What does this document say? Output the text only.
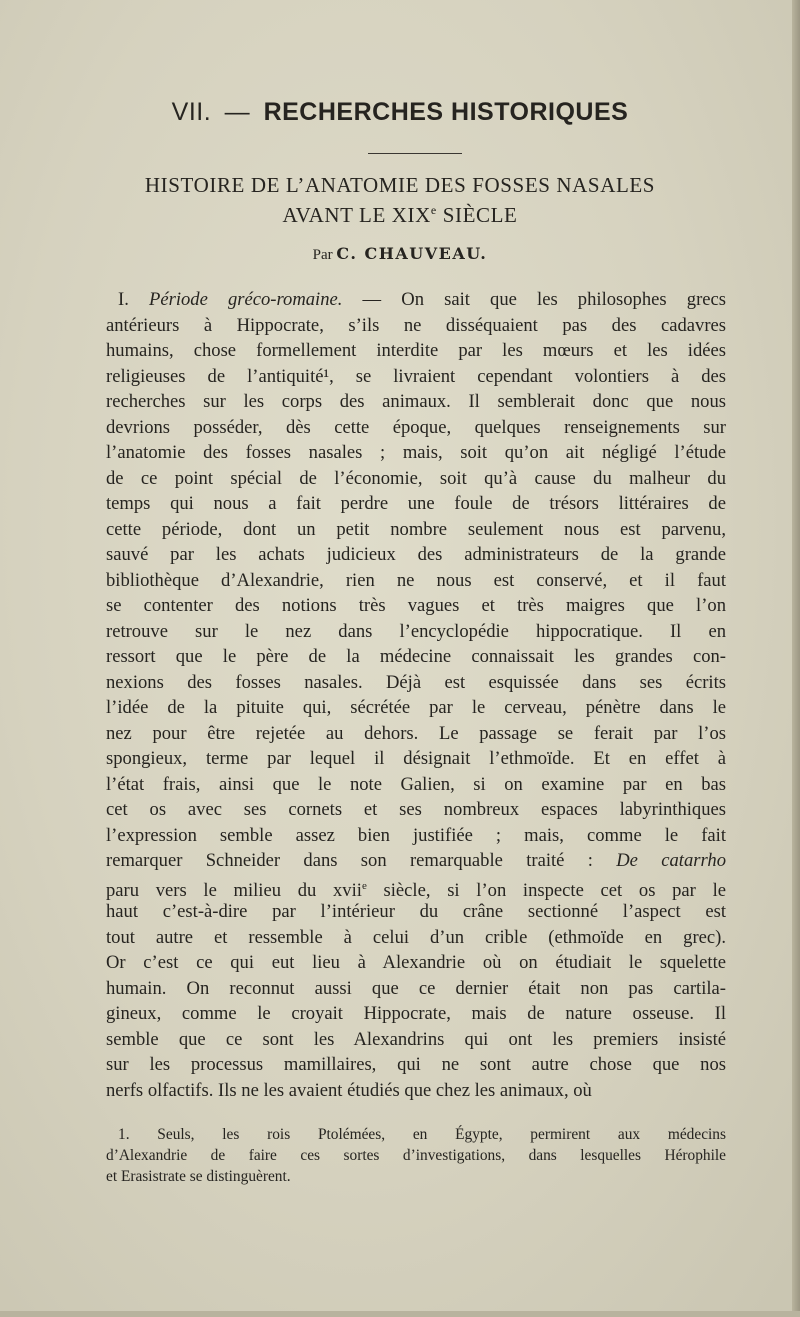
VII. — RECHERCHES HISTORIQUES
HISTOIRE DE L’ANATOMIE DES FOSSES NASALES
AVANT LE XIXe SIÈCLE
Par C. CHAUVEAU.
I. Période gréco-romaine. — On sait que les philosophes grecs
antérieurs à Hippocrate, s’ils ne disséquaient pas des cadavres
humains, chose formellement interdite par les mœurs et les idées
religieuses de l’antiquité¹, se livraient cependant volontiers à des
recherches sur les corps des animaux. Il semblerait donc que nous
devrions posséder, dès cette époque, quelques renseignements sur
l’anatomie des fosses nasales ; mais, soit qu’on ait négligé l’étude
de ce point spécial de l’économie, soit qu’à cause du malheur du
temps qui nous a fait perdre une foule de trésors littéraires de
cette période, dont un petit nombre seulement nous est parvenu,
sauvé par les achats judicieux des administrateurs de la grande
bibliothèque d’Alexandrie, rien ne nous est conservé, et il faut
se contenter des notions très vagues et très maigres que l’on
retrouve sur le nez dans l’encyclopédie hippocratique. Il en
ressort que le père de la médecine connaissait les grandes con-
nexions des fosses nasales. Déjà est esquissée dans ses écrits
l’idée de la pituite qui, sécrétée par le cerveau, pénètre dans le
nez pour être rejetée au dehors. Le passage se ferait par l’os
spongieux, terme par lequel il désignait l’ethmoïde. Et en effet à
l’état frais, ainsi que le note Galien, si on examine par en bas
cet os avec ses cornets et ses nombreux espaces labyrinthiques
l’expression semble assez bien justifiée ; mais, comme le fait
remarquer Schneider dans son remarquable traité : De catarrho
paru vers le milieu du xvii$^e$ siècle, si l’on inspecte cet os par le
haut c’est-à-dire par l’intérieur du crâne sectionné l’aspect est
tout autre et ressemble à celui d’un crible (ethmoïde en grec).
Or c’est ce qui eut lieu à Alexandrie où on étudiait le squelette
humain. On reconnut aussi que ce dernier était non pas cartila-
gineux, comme le croyait Hippocrate, mais de nature osseuse. Il
semble que ce sont les Alexandrins qui ont les premiers insisté
sur les processus mamillaires, qui ne sont autre chose que nos
nerfs olfactifs. Ils ne les avaient étudiés que chez les animaux, où
1. Seuls, les rois Ptolémées, en Égypte, permirent aux médecins
d’Alexandrie de faire ces sortes d’investigations, dans lesquelles Hérophile
et Erasistrate se distinguèrent.
